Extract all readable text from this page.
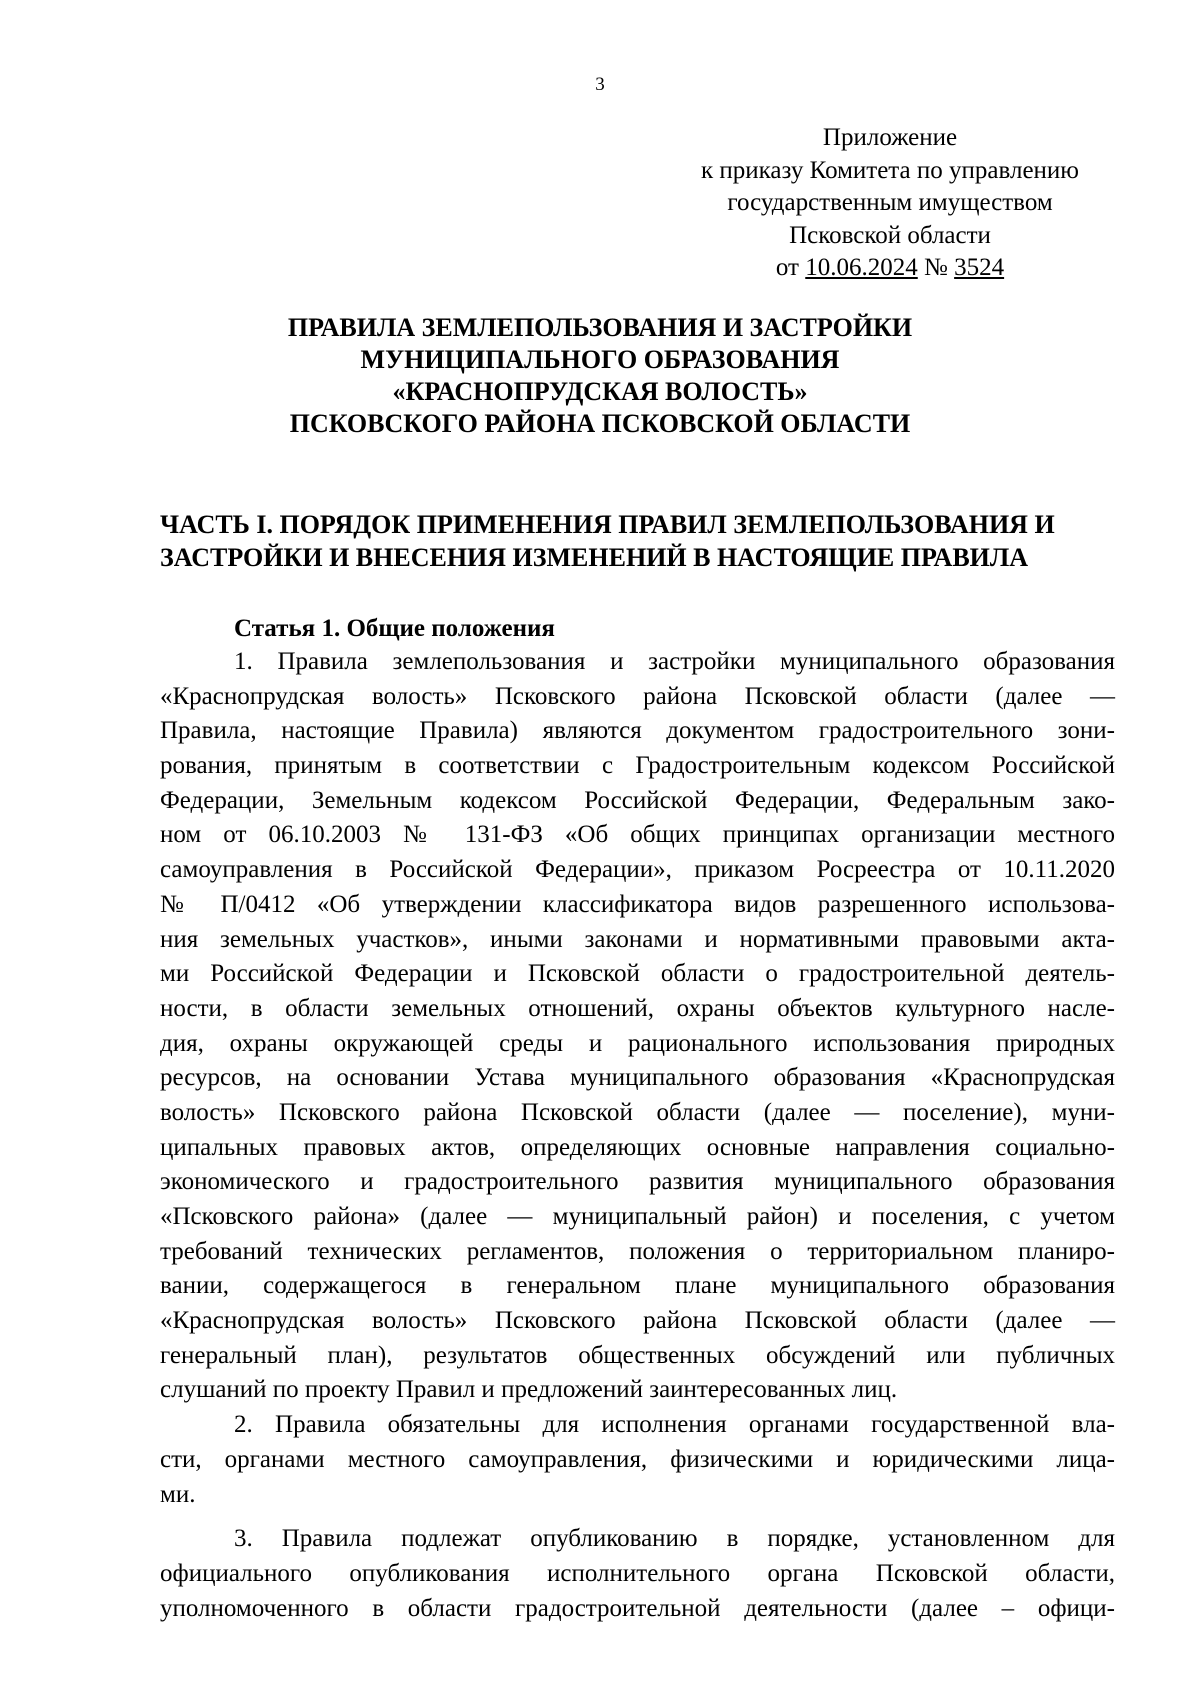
3
Приложение
к приказу Комитета по управлению
государственным имуществом
Псковской области
от 10.06.2024 № 3524
ПРАВИЛА ЗЕМЛЕПОЛЬЗОВАНИЯ И ЗАСТРОЙКИ
МУНИЦИПАЛЬНОГО ОБРАЗОВАНИЯ
«КРАСНОПРУДСКАЯ ВОЛОСТЬ»
ПСКОВСКОГО РАЙОНА ПСКОВСКОЙ ОБЛАСТИ
ЧАСТЬ I. ПОРЯДОК ПРИМЕНЕНИЯ ПРАВИЛ ЗЕМЛЕПОЛЬЗОВАНИЯ И
ЗАСТРОЙКИ И ВНЕСЕНИЯ ИЗМЕНЕНИЙ В НАСТОЯЩИЕ ПРАВИЛА
Статья 1. Общие положения
1. Правила землепользования и застройки муниципального образования
«Краснопрудская волость» Псковского района Псковской области (далее —
Правила, настоящие Правила) являются документом градостроительного зони-
рования, принятым в соответствии с Градостроительным кодексом Российской
Федерации, Земельным кодексом Российской Федерации, Федеральным зако-
ном от 06.10.2003 № 131-ФЗ «Об общих принципах организации местного
самоуправления в Российской Федерации», приказом Росреестра от 10.11.2020
№ П/0412 «Об утверждении классификатора видов разрешенного использова-
ния земельных участков», иными законами и нормативными правовыми акта-
ми Российской Федерации и Псковской области о градостроительной деятель-
ности, в области земельных отношений, охраны объектов культурного насле-
дия, охраны окружающей среды и рационального использования природных
ресурсов, на основании Устава муниципального образования «Краснопрудская
волость» Псковского района Псковской области (далее — поселение), муни-
ципальных правовых актов, определяющих основные направления социально-
экономического и градостроительного развития муниципального образования
«Псковского района» (далее — муниципальный район) и поселения, с учетом
требований технических регламентов, положения о территориальном планиро-
вании, содержащегося в генеральном плане муниципального образования
«Краснопрудская волость» Псковского района Псковской области (далее —
генеральный план), результатов общественных обсуждений или публичных
слушаний по проекту Правил и предложений заинтересованных лиц.
2. Правила обязательны для исполнения органами государственной вла-
сти, органами местного самоуправления, физическими и юридическими лица-
ми.
3. Правила подлежат опубликованию в порядке, установленном для
официального опубликования исполнительного органа Псковской области,
уполномоченного в области градостроительной деятельности (далее – офици-
